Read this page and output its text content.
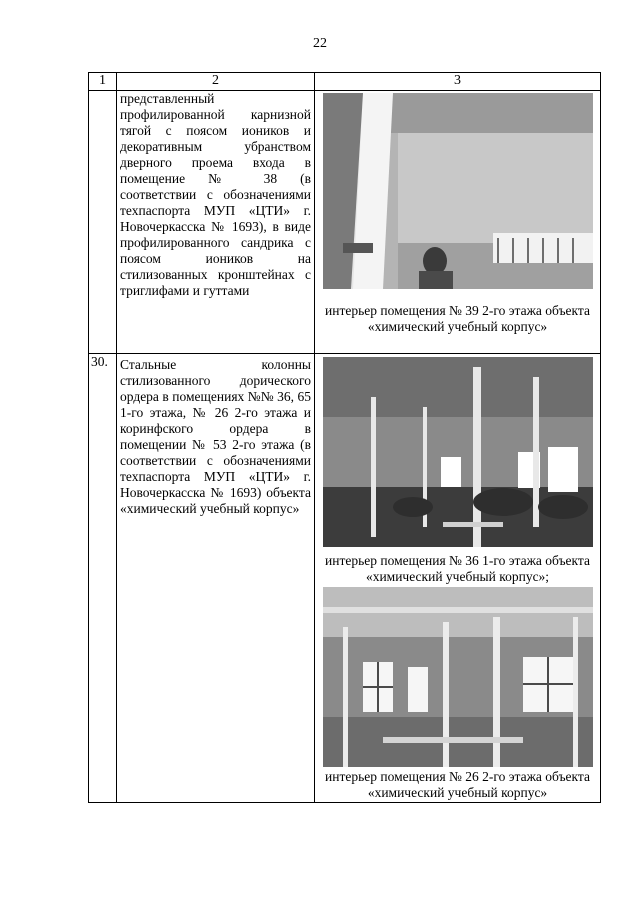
22
1	2	3
	представленный профилированной карнизной тягой с поясом иоников и декоративным убранством дверного проема входа в помещение № 38 (в соответствии с обозначениями техпаспорта МУП «ЦТИ» г. Новочеркасска № 1693), в виде профилированного сандрика с поясом иоников на стилизованных кронштейнах с триглифами и гуттами	интерьер помещения № 39 2-го этажа объекта «химический учебный корпус»

30.	Стальные колонны стилизованного дорического ордера в помещениях №№ 36, 65 1-го этажа, № 26 2-го этажа и коринфского ордера в помещении № 53 2-го этажа (в соответствии с обозначениями техпаспорта МУП «ЦТИ» г. Новочеркасска № 1693) объекта «химический учебный корпус»	интерьер помещения № 36 1-го этажа объекта «химический учебный корпус»;
интерьер помещения № 26 2-го этажа объекта «химический учебный корпус»
